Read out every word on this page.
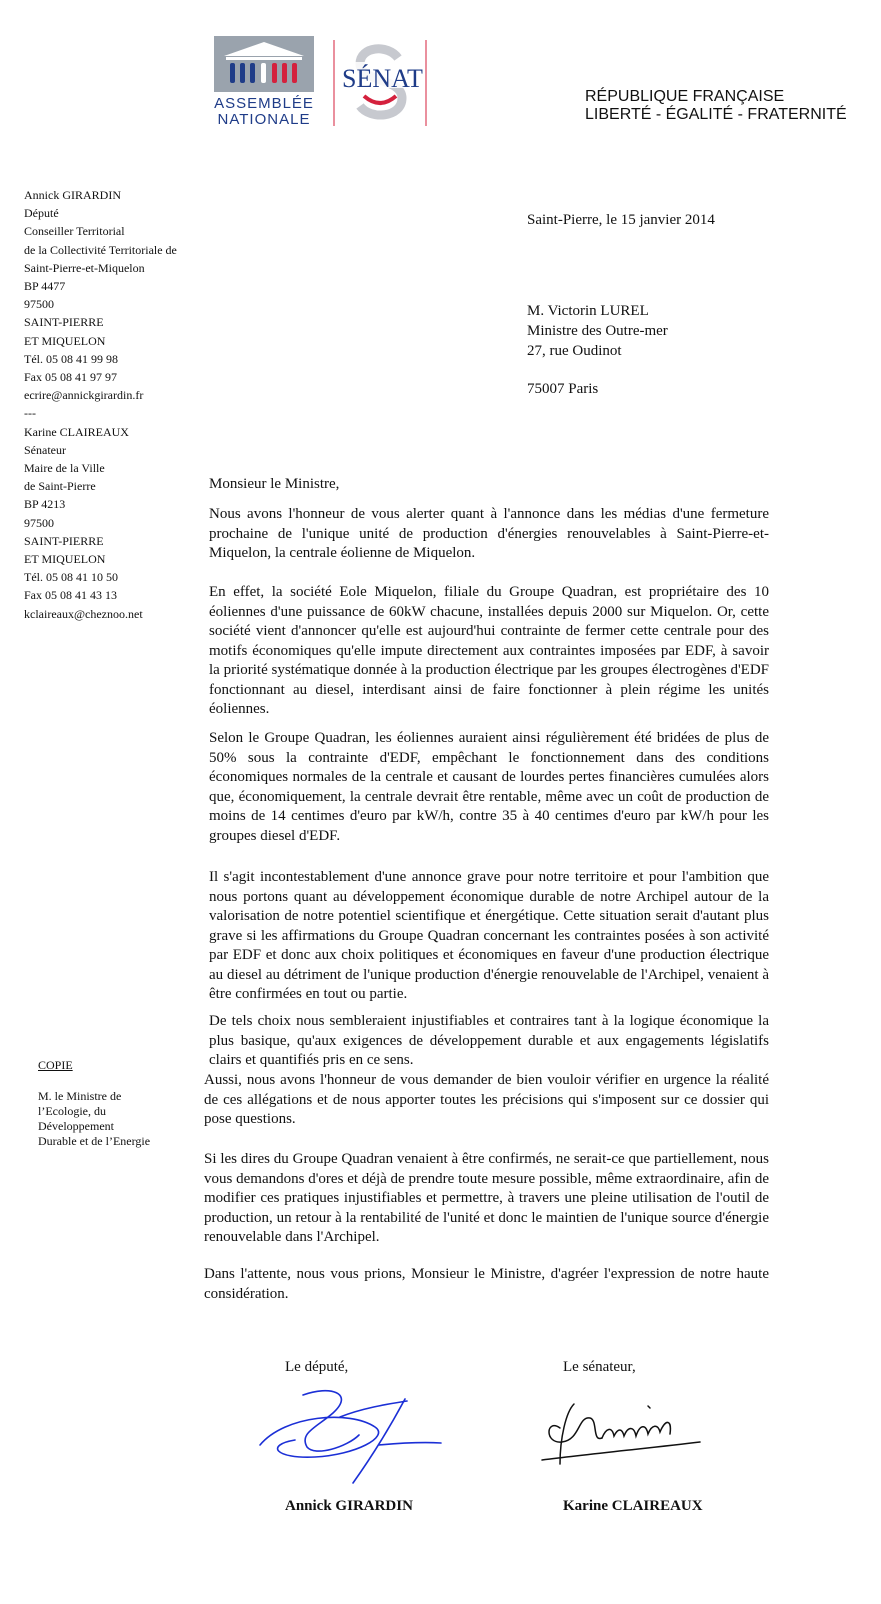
ASSEMBLÉE
NATIONALE
SÉNAT
RÉPUBLIQUE FRANÇAISE
LIBERTÉ - ÉGALITÉ - FRATERNITÉ
Annick GIRARDIN
Député
Conseiller Territorial
de la Collectivité Territoriale de
Saint-Pierre-et-Miquelon
BP 4477
97500
SAINT-PIERRE
ET MIQUELON
Tél. 05 08 41 99 98
Fax 05 08 41 97 97
ecrire@annickgirardin.fr
---
Karine CLAIREAUX
Sénateur
Maire de la Ville
de Saint-Pierre
BP 4213
97500
SAINT-PIERRE
ET MIQUELON
Tél. 05 08 41 10 50
Fax 05 08 41 43 13
kclaireaux@cheznoo.net
Saint-Pierre, le 15 janvier 2014
M. Victorin LUREL
Ministre des Outre-mer
27, rue Oudinot
75007 Paris
COPIE
M. le Ministre de
l’Ecologie, du
Développement
Durable et de l’Energie
Monsieur le Ministre,
Nous avons l'honneur de vous alerter quant à l'annonce dans les médias d'une fermeture prochaine de l'unique unité de production d'énergies renouvelables à Saint-Pierre-et-Miquelon, la centrale éolienne de Miquelon.
En effet, la société Eole Miquelon, filiale du Groupe Quadran, est propriétaire des 10 éoliennes d'une puissance de 60kW chacune, installées depuis 2000 sur Miquelon. Or, cette société vient d'annoncer qu'elle est aujourd'hui contrainte de fermer cette centrale pour des motifs économiques qu'elle impute directement aux contraintes imposées par EDF, à savoir la priorité systématique donnée à la production électrique par les groupes électrogènes d'EDF fonctionnant au diesel, interdisant ainsi de faire fonctionner à plein régime les unités éoliennes.
Selon le Groupe Quadran, les éoliennes auraient ainsi régulièrement été bridées de plus de 50% sous la contrainte d'EDF, empêchant le fonctionnement dans des conditions économiques normales de la centrale et causant de lourdes pertes financières cumulées alors que, économiquement, la centrale devrait être rentable, même avec un coût de production de moins de 14 centimes d'euro par kW/h, contre 35 à 40 centimes d'euro par kW/h pour les groupes diesel d'EDF.
Il s'agit incontestablement d'une annonce grave pour notre territoire et pour l'ambition que nous portons quant au développement économique durable de notre Archipel autour de la valorisation de notre potentiel scientifique et énergétique. Cette situation serait d'autant plus grave si les affirmations du Groupe Quadran concernant les contraintes posées à son activité par EDF et donc aux choix politiques et économiques en faveur d'une production électrique au diesel au détriment de l'unique production d'énergie renouvelable de l'Archipel, venaient à être confirmées en tout ou partie.
De tels choix nous sembleraient injustifiables et contraires tant à la logique économique la plus basique, qu'aux exigences de développement durable et aux engagements législatifs clairs et quantifiés pris en ce sens.
Aussi, nous avons l'honneur de vous demander de bien vouloir vérifier en urgence la réalité de ces allégations et de nous apporter toutes les précisions qui s'imposent sur ce dossier qui pose questions.
Si les dires du Groupe Quadran venaient à être confirmés, ne serait-ce que partiellement, nous vous demandons d'ores et déjà de prendre toute mesure possible, même extraordinaire, afin de modifier ces pratiques injustifiables et permettre, à travers une pleine utilisation de l'outil de production, un retour à la rentabilité de l'unité et donc le maintien de l'unique source d'énergie renouvelable dans l'Archipel.
Dans l'attente, nous vous prions, Monsieur le Ministre, d'agréer l'expression de notre haute considération.
Le député,	Le sénateur,
Annick GIRARDIN	Karine CLAIREAUX
